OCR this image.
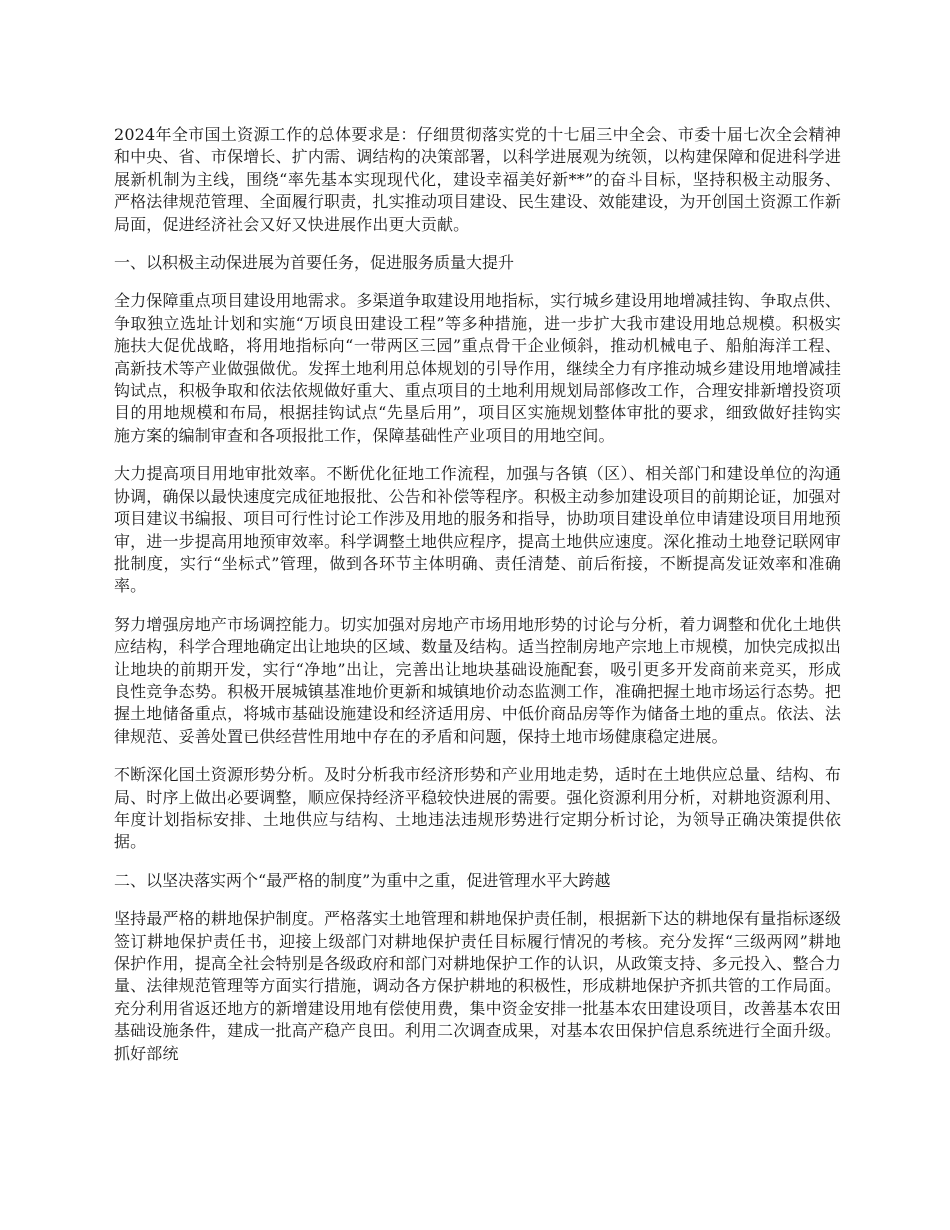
2024年全市国土资源工作的总体要求是：仔细贯彻落实党的十七届三中全会、市委十届七次全会精神和中央、省、市保增长、扩内需、调结构的决策部署，以科学进展观为统领，以构建保障和促进科学进展新机制为主线，围绕“率先基本实现现代化，建设幸福美好新**”的奋斗目标，坚持积极主动服务、严格法律规范管理、全面履行职责，扎实推动项目建设、民生建设、效能建设，为开创国土资源工作新局面，促进经济社会又好又快进展作出更大贡献。

一、以积极主动保进展为首要任务，促进服务质量大提升

全力保障重点项目建设用地需求。多渠道争取建设用地指标，实行城乡建设用地增减挂钩、争取点供、争取独立选址计划和实施“万顷良田建设工程”等多种措施，进一步扩大我市建设用地总规模。积极实施扶大促优战略，将用地指标向“一带两区三园”重点骨干企业倾斜，推动机械电子、船舶海洋工程、高新技术等产业做强做优。发挥土地利用总体规划的引导作用，继续全力有序推动城乡建设用地增减挂钩试点，积极争取和依法依规做好重大、重点项目的土地利用规划局部修改工作，合理安排新增投资项目的用地规模和布局，根据挂钩试点“先垦后用”，项目区实施规划整体审批的要求，细致做好挂钩实施方案的编制审查和各项报批工作，保障基础性产业项目的用地空间。

大力提高项目用地审批效率。不断优化征地工作流程，加强与各镇（区）、相关部门和建设单位的沟通协调，确保以最快速度完成征地报批、公告和补偿等程序。积极主动参加建设项目的前期论证，加强对项目建议书编报、项目可行性讨论工作涉及用地的服务和指导，协助项目建设单位申请建设项目用地预审，进一步提高用地预审效率。科学调整土地供应程序，提高土地供应速度。深化推动土地登记联网审批制度，实行“坐标式”管理，做到各环节主体明确、责任清楚、前后衔接，不断提高发证效率和准确率。

努力增强房地产市场调控能力。切实加强对房地产市场用地形势的讨论与分析，着力调整和优化土地供应结构，科学合理地确定出让地块的区域、数量及结构。适当控制房地产宗地上市规模，加快完成拟出让地块的前期开发，实行“净地”出让，完善出让地块基础设施配套，吸引更多开发商前来竞买，形成良性竞争态势。积极开展城镇基准地价更新和城镇地价动态监测工作，准确把握土地市场运行态势。把握土地储备重点，将城市基础设施建设和经济适用房、中低价商品房等作为储备土地的重点。依法、法律规范、妥善处置已供经营性用地中存在的矛盾和问题，保持土地市场健康稳定进展。

不断深化国土资源形势分析。及时分析我市经济形势和产业用地走势，适时在土地供应总量、结构、布局、时序上做出必要调整，顺应保持经济平稳较快进展的需要。强化资源利用分析，对耕地资源利用、年度计划指标安排、土地供应与结构、土地违法违规形势进行定期分析讨论，为领导正确决策提供依据。

二、以坚决落实两个“最严格的制度”为重中之重，促进管理水平大跨越

坚持最严格的耕地保护制度。严格落实土地管理和耕地保护责任制，根据新下达的耕地保有量指标逐级签订耕地保护责任书，迎接上级部门对耕地保护责任目标履行情况的考核。充分发挥“三级两网”耕地保护作用，提高全社会特别是各级政府和部门对耕地保护工作的认识，从政策支持、多元投入、整合力量、法律规范管理等方面实行措施，调动各方保护耕地的积极性，形成耕地保护齐抓共管的工作局面。充分利用省返还地方的新增建设用地有偿使用费，集中资金安排一批基本农田建设项目，改善基本农田基础设施条件，建成一批高产稳产良田。利用二次调查成果，对基本农田保护信息系统进行全面升级。抓好部统
